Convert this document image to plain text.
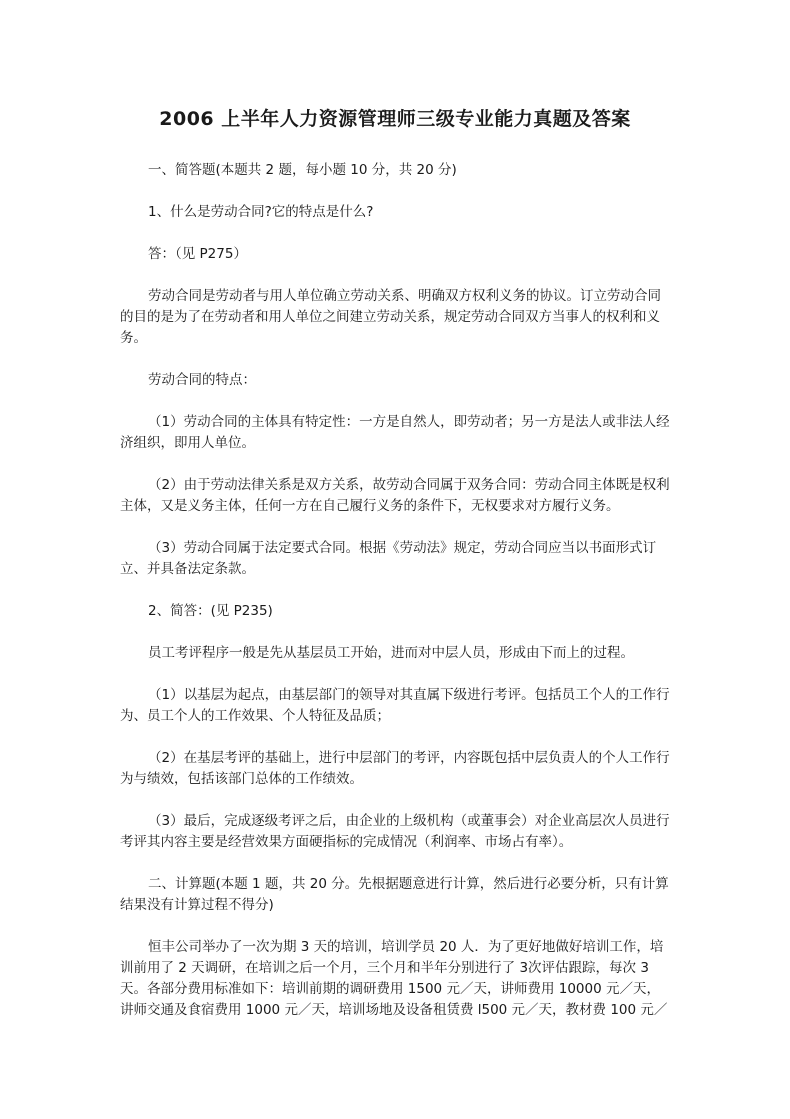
2006 上半年人力资源管理师三级专业能力真题及答案
一、简答题(本题共 2 题，每小题 10 分，共 20 分)
1、什么是劳动合同?它的特点是什么?
答：（见 P275）
劳动合同是劳动者与用人单位确立劳动关系、明确双方权利义务的协议。订立劳动合同的目的是为了在劳动者和用人单位之间建立劳动关系，规定劳动合同双方当事人的权利和义务。
劳动合同的特点：
（1）劳动合同的主体具有特定性：一方是自然人，即劳动者；另一方是法人或非法人经济组织，即用人单位。
（2）由于劳动法律关系是双方关系，故劳动合同属于双务合同：劳动合同主体既是权利主体，又是义务主体，任何一方在自己履行义务的条件下，无权要求对方履行义务。
（3）劳动合同属于法定要式合同。根据《劳动法》规定，劳动合同应当以书面形式订立、并具备法定条款。
2、简答：(见 P235)
员工考评程序一般是先从基层员工开始，进而对中层人员，形成由下而上的过程。
（1）以基层为起点，由基层部门的领导对其直属下级进行考评。包括员工个人的工作行为、员工个人的工作效果、个人特征及品质；
（2）在基层考评的基础上，进行中层部门的考评，内容既包括中层负责人的个人工作行为与绩效，包括该部门总体的工作绩效。
（3）最后，完成逐级考评之后，由企业的上级机构（或董事会）对企业高层次人员进行考评其内容主要是经营效果方面硬指标的完成情况（利润率、市场占有率）。
二、计算题(本题 1 题，共 20 分。先根据题意进行计算，然后进行必要分析，只有计算结果没有计算过程不得分)
恒丰公司举办了一次为期 3 天的培训，培训学员 20 人．为了更好地做好培训工作，培训前用了 2 天调研，在培训之后一个月，三个月和半年分别进行了 3次评估跟踪，每次 3 天。各部分费用标准如下：培训前期的调研费用 1500 元／天，讲师费用 10000 元／天，讲师交通及食宿费用 1000 元／天，培训场地及设备租赁费 l500 元／天，教材费 100 元／
